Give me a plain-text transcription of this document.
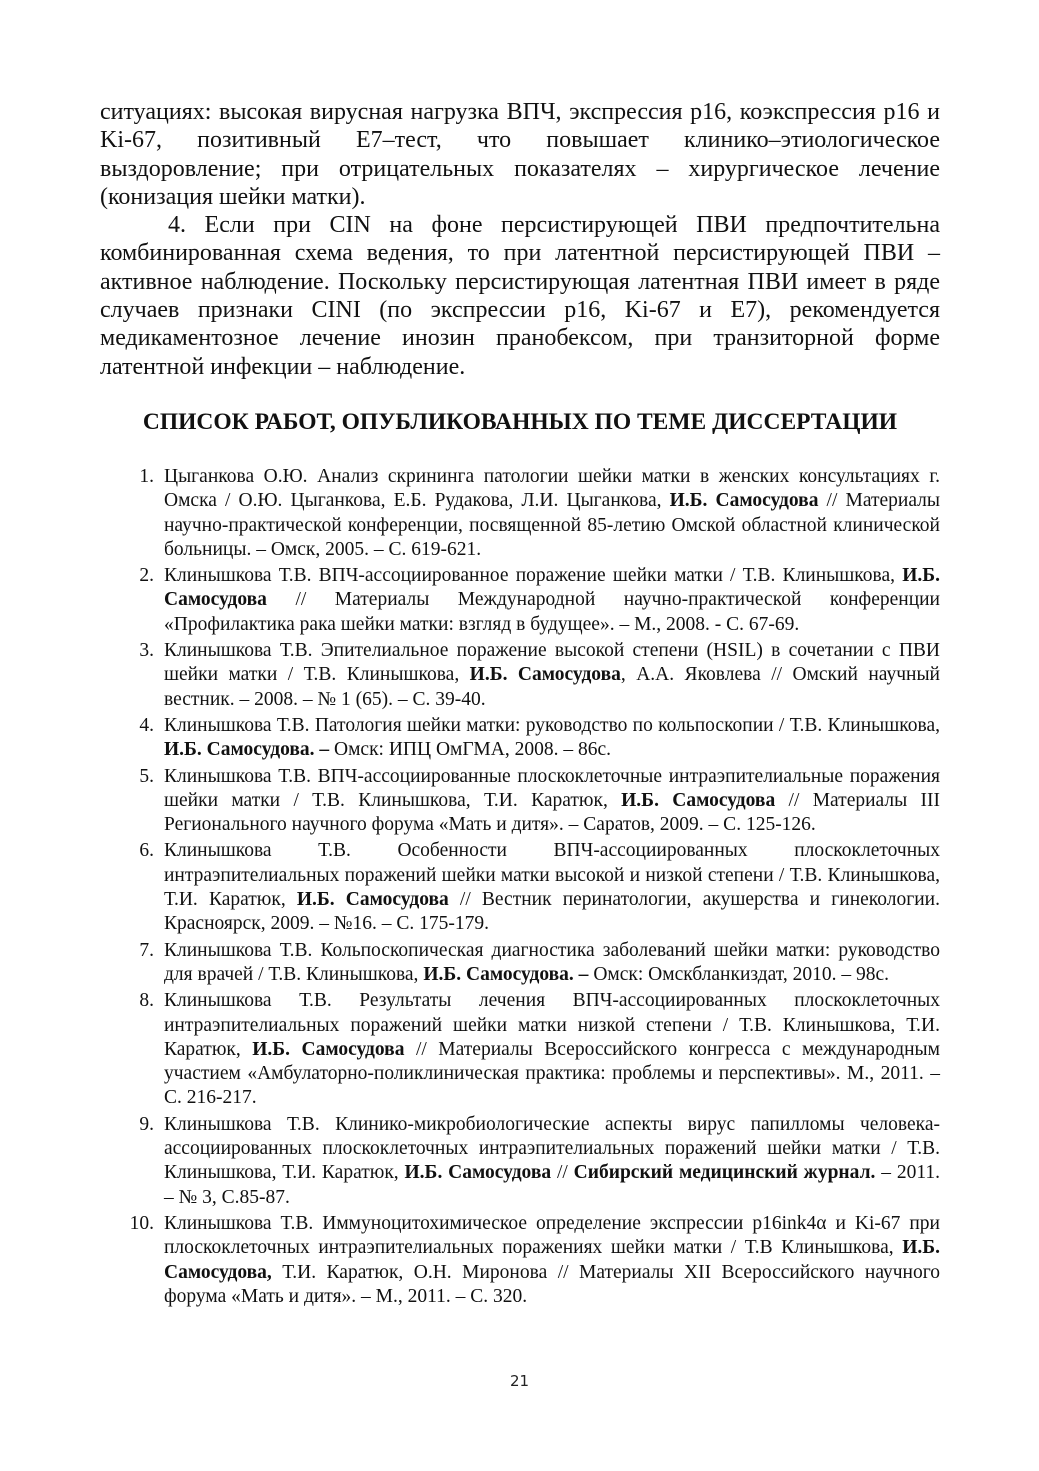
ситуациях: высокая вирусная нагрузка ВПЧ, экспрессия p16, коэкспрессия p16 и Ki-67, позитивный E7–тест, что повышает клинико–этиологическое выздоровление; при отрицательных показателях – хирургическое лечение (конизация шейки матки).

4. Если при CIN на фоне персистирующей ПВИ предпочтительна комбинированная схема ведения, то при латентной персистирующей ПВИ – активное наблюдение. Поскольку персистирующая латентная ПВИ имеет в ряде случаев признаки CINI (по экспрессии p16, Ki-67 и E7), рекомендуется медикаментозное лечение инозин пранобексом, при транзиторной форме латентной инфекции – наблюдение.

СПИСОК РАБОТ, ОПУБЛИКОВАННЫХ ПО ТЕМЕ ДИССЕРТАЦИИ
1. Цыганкова О.Ю. Анализ скрининга патологии шейки матки в женских консультациях г. Омска / О.Ю. Цыганкова, Е.Б. Рудакова, Л.И. Цыганкова, И.Б. Самосудова // Материалы научно-практической конференции, посвященной 85-летию Омской областной клинической больницы. – Омск, 2005. – С. 619-621.
2. Клинышкова Т.В. ВПЧ-ассоциированное поражение шейки матки / Т.В. Клинышкова, И.Б. Самосудова // Материалы Международной научно-практической конференции «Профилактика рака шейки матки: взгляд в будущее». – М., 2008. - С. 67-69.
3. Клинышкова Т.В. Эпителиальное поражение высокой степени (HSIL) в сочетании с ПВИ шейки матки / Т.В. Клинышкова, И.Б. Самосудова, А.А. Яковлева // Омский научный вестник. – 2008. – № 1 (65). – С. 39-40.
4. Клинышкова Т.В. Патология шейки матки: руководство по кольпоскопии / Т.В. Клинышкова, И.Б. Самосудова. – Омск: ИПЦ ОмГМА, 2008. – 86с.
5. Клинышкова Т.В. ВПЧ-ассоциированные плоскоклеточные интраэпителиальные поражения шейки матки / Т.В. Клинышкова, Т.И. Каратюк, И.Б. Самосудова // Материалы III Регионального научного форума «Мать и дитя». – Саратов, 2009. – С. 125-126.
6. Клинышкова Т.В. Особенности ВПЧ-ассоциированных плоскоклеточных интраэпителиальных поражений шейки матки высокой и низкой степени / Т.В. Клинышкова, Т.И. Каратюк, И.Б. Самосудова // Вестник перинатологии, акушерства и гинекологии. Красноярск, 2009. – №16. – С. 175-179.
7. Клинышкова Т.В. Кольпоскопическая диагностика заболеваний шейки матки: руководство для врачей / Т.В. Клинышкова, И.Б. Самосудова. – Омск: Омскбланкиздат, 2010. – 98с.
8. Клинышкова Т.В. Результаты лечения ВПЧ-ассоциированных плоскоклеточных интраэпителиальных поражений шейки матки низкой степени / Т.В. Клинышкова, Т.И. Каратюк, И.Б. Самосудова // Материалы Всероссийского конгресса с международным участием «Амбулаторно-поликлиническая практика: проблемы и перспективы». М., 2011. – С. 216-217.
9. Клинышкова Т.В. Клинико-микробиологические аспекты вирус папилломы человека-ассоциированных плоскоклеточных интраэпителиальных поражений шейки матки / Т.В. Клинышкова, Т.И. Каратюк, И.Б. Самосудова // Сибирский медицинский журнал. – 2011. – № 3, С.85-87.
10. Клинышкова Т.В. Иммуноцитохимическое определение экспрессии p16ink4α и Ki-67 при плоскоклеточных интраэпителиальных поражениях шейки матки / Т.В Клинышкова, И.Б. Самосудова, Т.И. Каратюк, О.Н. Миронова // Материалы XII Всероссийского научного форума «Мать и дитя». – М., 2011. – С. 320.
21
